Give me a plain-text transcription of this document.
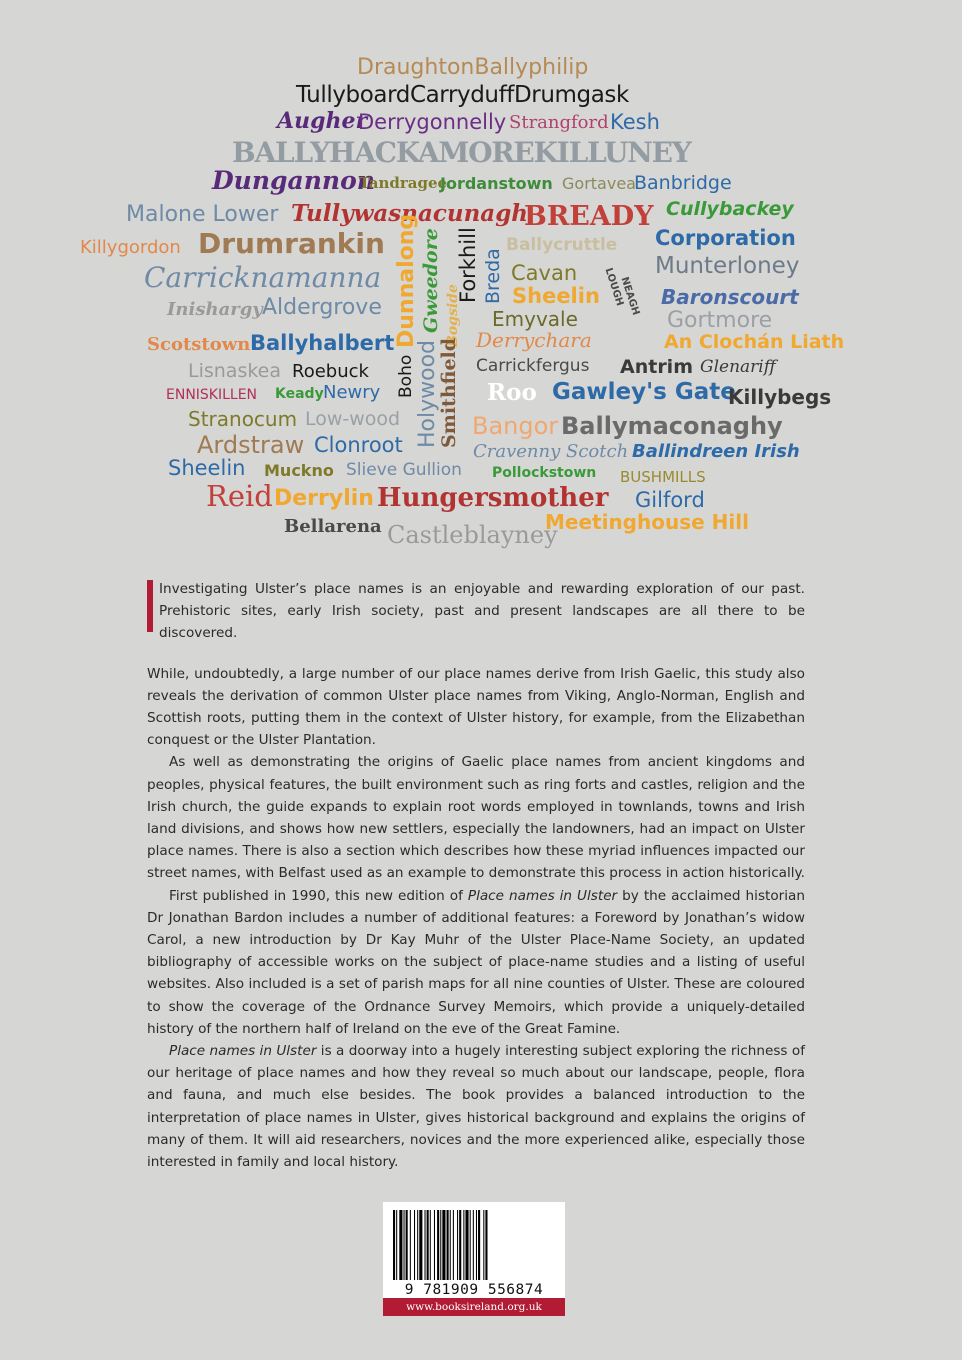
DraughtonBallyphilip
TullyboardCarryduffDrumgask
Augher
Derrygonnelly Strangford Kesh
BALLYHACKAMOREKILLUNEY
Dungannon
Tandragee
Jordanstown Gortavea
Banbridge
Malone Lower Tullywasnacunagh
BREADY Cullybackey
Killygordon Drumrankin Dunnalong Gweedore Forkhill
Bogside
Breda
Ballycruttle Corporation
Carricknamanna	Cavan
Sheelin LOUGH
NEAGH
Munterloney
Inishargy Aldergrove	Emyvale
Baronscourt
Gortmore
Scotstown Ballyhalbert
Boho Holywood
Smithfield Derrychara	An Clochán Liath
Lisnaskea Roebuck	Carrickfergus Antrim Glenariff
ENNISKILLEN Keady Newry	Roo Gawley's Gate
Killybegs
Stranocum Low-wood	Bangor Ballymaconaghy
Ardstraw Clonroot	Cravenny Scotch Ballindreen Irish
Sheelin Muckno Slieve Gullion Pollockstown BUSHMILLS
Reid Derrylin Hungersmother Gilford
Bellarena Castleblayney
Meetinghouse Hill

Investigating Ulster’s place names is an enjoyable and rewarding exploration of our past. Prehistoric sites, early Irish society, past and present landscapes are all there to be discovered.

While, undoubtedly, a large number of our place names derive from Irish Gaelic, this study also reveals the derivation of common Ulster place names from Viking, Anglo-Norman, English and Scottish roots, putting them in the context of Ulster history, for example, from the Elizabethan conquest or the Ulster Plantation.

As well as demonstrating the origins of Gaelic place names from ancient kingdoms and peoples, physical features, the built environment such as ring forts and castles, religion and the Irish church, the guide expands to explain root words employed in townlands, towns and Irish land divisions, and shows how new settlers, especially the landowners, had an impact on Ulster place names. There is also a section which describes how these myriad influences impacted our street names, with Belfast used as an example to demonstrate this process in action historically.

First published in 1990, this new edition of Place names in Ulster by the acclaimed historian Dr Jonathan Bardon includes a number of additional features: a Foreword by Jonathan’s widow Carol, a new introduction by Dr Kay Muhr of the Ulster Place-Name Society, an updated bibliography of accessible works on the subject of place-name studies and a listing of useful websites. Also included is a set of parish maps for all nine counties of Ulster. These are coloured to show the coverage of the Ordnance Survey Memoirs, which provide a uniquely-detailed history of the northern half of Ireland on the eve of the Great Famine.

Place names in Ulster is a doorway into a hugely interesting subject exploring the richness of our heritage of place names and how they reveal so much about our landscape, people, flora and fauna, and much else besides. The book provides a balanced introduction to the interpretation of place names in Ulster, gives historical background and explains the origins of many of them. It will aid researchers, novices and the more experienced alike, especially those interested in family and local history.

9 781909 556874
www.booksireland.org.uk
